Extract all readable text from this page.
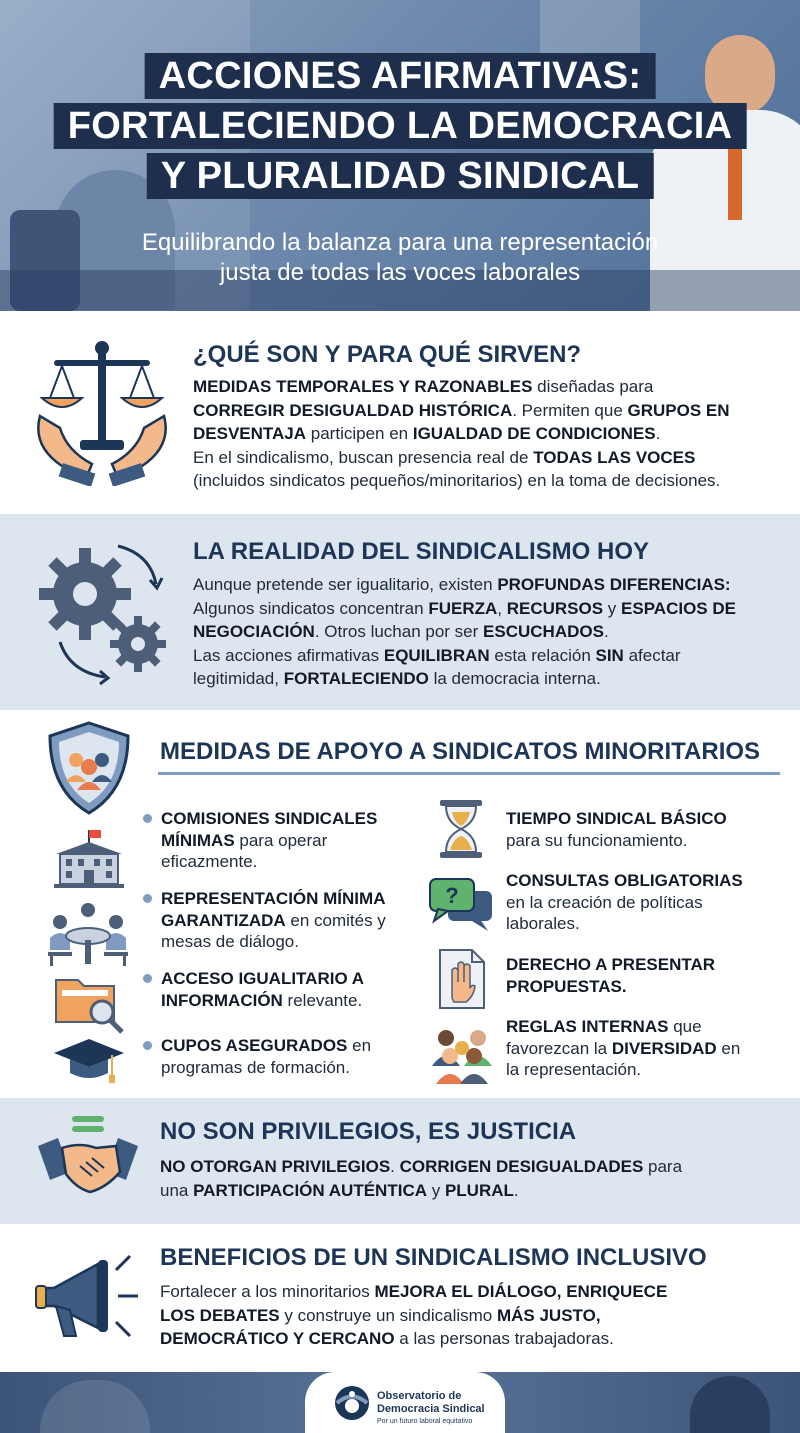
ACCIONES AFIRMATIVAS:
FORTALECIENDO LA DEMOCRACIA
Y PLURALIDAD SINDICAL
Equilibrando la balanza para una representación
justa de todas las voces laborales
¿QUÉ SON Y PARA QUÉ SIRVEN?
MEDIDAS TEMPORALES Y RAZONABLES diseñadas para
CORREGIR DESIGUALDAD HISTÓRICA. Permiten que GRUPOS EN
DESVENTAJA participen en IGUALDAD DE CONDICIONES.
En el sindicalismo, buscan presencia real de TODAS LAS VOCES
(incluidos sindicatos pequeños/minoritarios) en la toma de decisiones.
LA REALIDAD DEL SINDICALISMO HOY
Aunque pretende ser igualitario, existen PROFUNDAS DIFERENCIAS:
Algunos sindicatos concentran FUERZA, RECURSOS y ESPACIOS DE
NEGOCIACIÓN. Otros luchan por ser ESCUCHADOS.
Las acciones afirmativas EQUILIBRAN esta relación SIN afectar
legitimidad, FORTALECIENDO la democracia interna.
MEDIDAS DE APOYO A SINDICATOS MINORITARIOS
?
COMISIONES SINDICALES
MÍNIMAS para operar
eficazmente.
REPRESENTACIÓN MÍNIMA
GARANTIZADA en comités y
mesas de diálogo.
ACCESO IGUALITARIO A
INFORMACIÓN relevante.
CUPOS ASEGURADOS en
programas de formación.
TIEMPO SINDICAL BÁSICO
para su funcionamiento.
CONSULTAS OBLIGATORIAS
en la creación de políticas
laborales.
DERECHO A PRESENTAR
PROPUESTAS.
REGLAS INTERNAS que
favorezcan la DIVERSIDAD en
la representación.
NO SON PRIVILEGIOS, ES JUSTICIA
NO OTORGAN PRIVILEGIOS. CORRIGEN DESIGUALDADES para
una PARTICIPACIÓN AUTÉNTICA y PLURAL.
BENEFICIOS DE UN SINDICALISMO INCLUSIVO
Fortalecer a los minoritarios MEJORA EL DIÁLOGO, ENRIQUECE
LOS DEBATES y construye un sindicalismo MÁS JUSTO,
DEMOCRÁTICO Y CERCANO a las personas trabajadoras.
Observatorio de
Democracia Sindical
Por un futuro laboral equitativo
